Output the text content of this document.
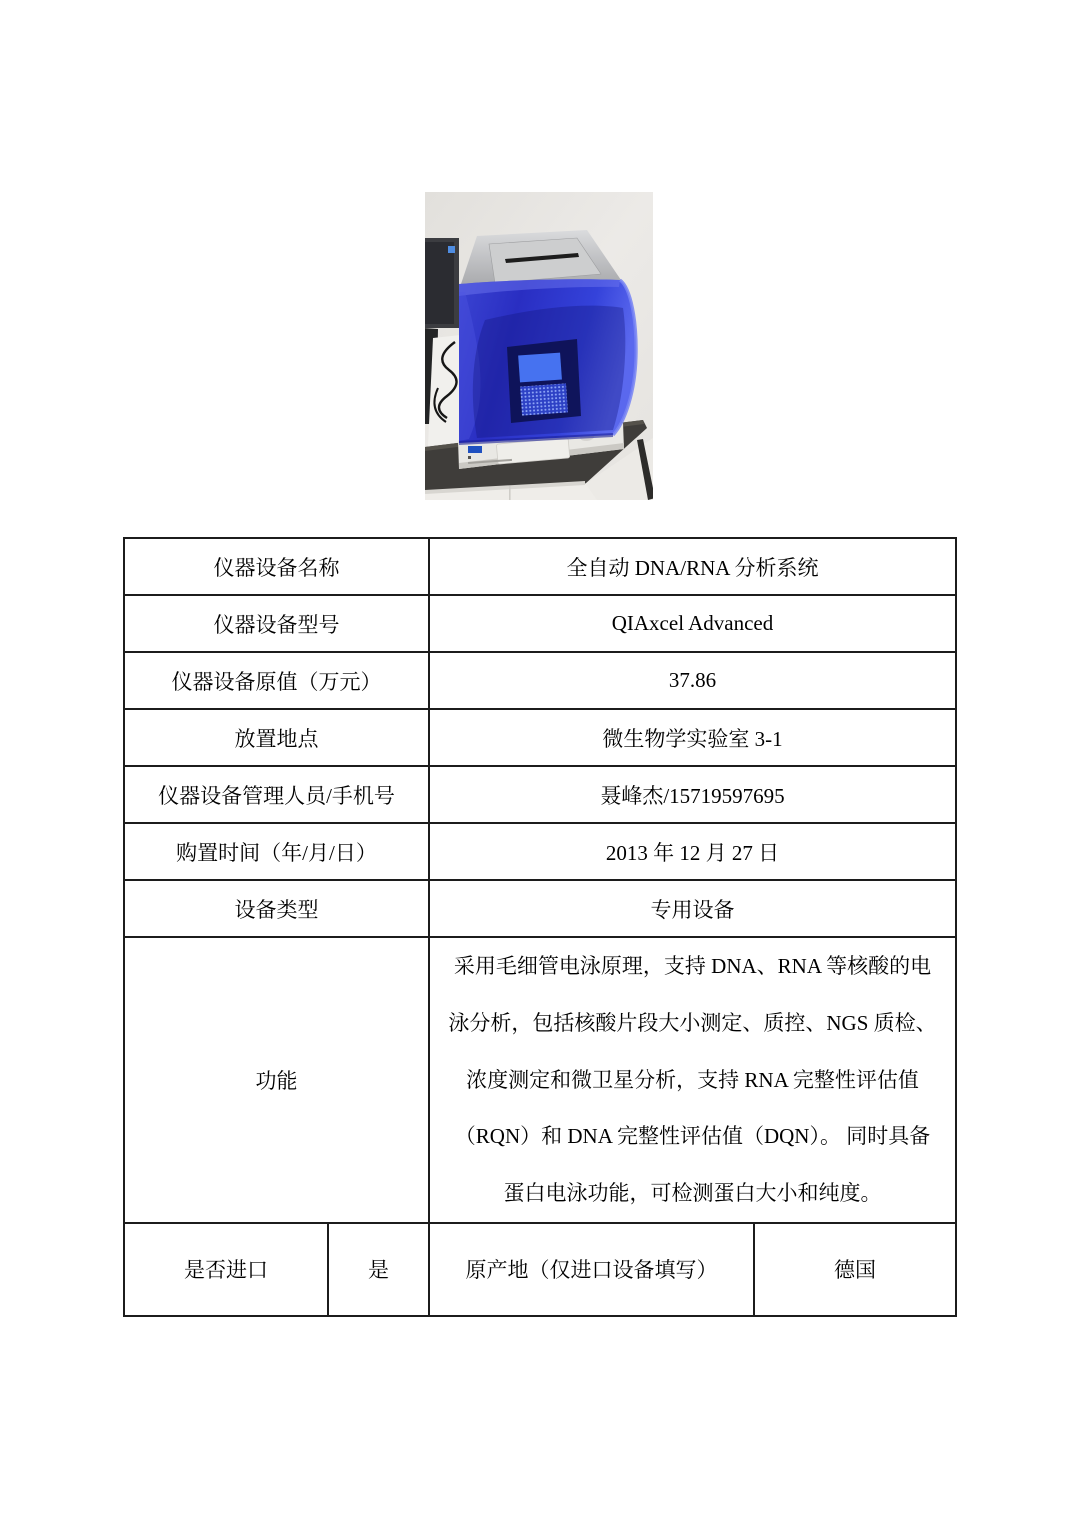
仪器设备名称		全自动 DNA/RNA 分析系统	
仪器设备型号		QIAxcel Advanced	
仪器设备原值（万元）		37.86	
放置地点		微生物学实验室 3-1	
仪器设备管理人员/手机号		聂峰杰/15719597695	
购置时间（年/月/日）		2013 年 12 月 27 日	
设备类型		专用设备	
功能		采用毛细管电泳原理，支持 DNA、RNA 等核酸的电
泳分析，包括核酸片段大小测定、质控、NGS 质检、
浓度测定和微卫星分析，支持 RNA 完整性评估值
（RQN）和 DNA 完整性评估值（DQN）。 同时具备
蛋白电泳功能，可检测蛋白大小和纯度。	

是否进口	是	原产地（仅进口设备填写）	德国
